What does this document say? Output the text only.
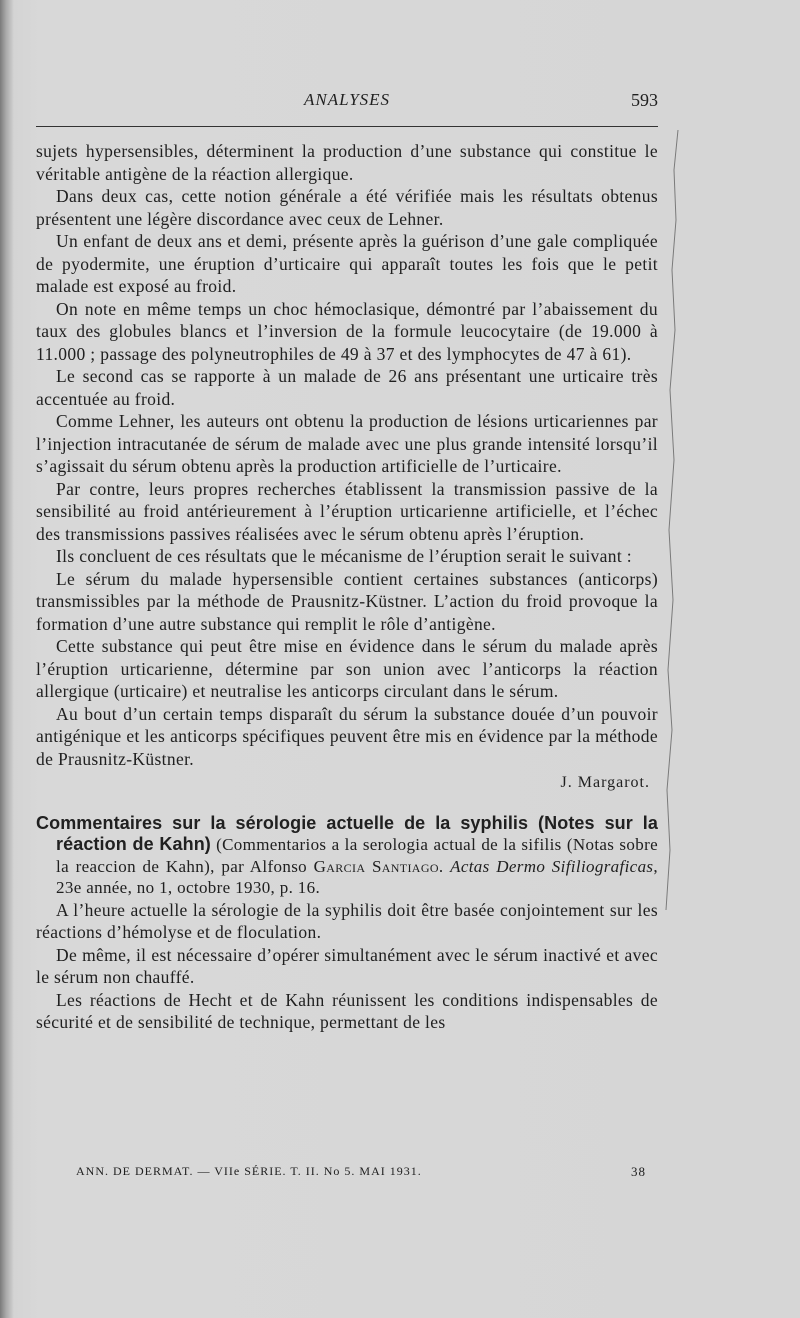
ANALYSES	593

sujets hypersensibles, déterminent la production d’une substance qui constitue le véritable antigène de la réaction allergique.

Dans deux cas, cette notion générale a été vérifiée mais les résultats obtenus présentent une légère discordance avec ceux de Lehner.

Un enfant de deux ans et demi, présente après la guérison d’une gale compliquée de pyodermite, une éruption d’urticaire qui apparaît toutes les fois que le petit malade est exposé au froid.

On note en même temps un choc hémoclasique, démontré par l’abaissement du taux des globules blancs et l’inversion de la formule leucocytaire (de 19.000 à 11.000 ; passage des polyneutrophiles de 49 à 37 et des lymphocytes de 47 à 61).

Le second cas se rapporte à un malade de 26 ans présentant une urticaire très accentuée au froid.

Comme Lehner, les auteurs ont obtenu la production de lésions urticariennes par l’injection intracutanée de sérum de malade avec une plus grande intensité lorsqu’il s’agissait du sérum obtenu après la production artificielle de l’urticaire.

Par contre, leurs propres recherches établissent la transmission passive de la sensibilité au froid antérieurement à l’éruption urticarienne artificielle, et l’échec des transmissions passives réalisées avec le sérum obtenu après l’éruption.

Ils concluent de ces résultats que le mécanisme de l’éruption serait le suivant :

Le sérum du malade hypersensible contient certaines substances (anticorps) transmissibles par la méthode de Prausnitz-Küstner. L’action du froid provoque la formation d’une autre substance qui remplit le rôle d’antigène.

Cette substance qui peut être mise en évidence dans le sérum du malade après l’éruption urticarienne, détermine par son union avec l’anticorps la réaction allergique (urticaire) et neutralise les anticorps circulant dans le sérum.

Au bout d’un certain temps disparaît du sérum la substance douée d’un pouvoir antigénique et les anticorps spécifiques peuvent être mis en évidence par la méthode de Prausnitz-Küstner.

J. Margarot.

Commentaires sur la sérologie actuelle de la syphilis (Notes sur la réaction de Kahn) (Commentarios a la serologia actual de la sifilis (Notas sobre la reaccion de Kahn), par Alfonso Garcia Santiago. Actas Dermo Sifiliograficas, 23e année, no 1, octobre 1930, p. 16.

A l’heure actuelle la sérologie de la syphilis doit être basée conjointement sur les réactions d’hémolyse et de floculation.

De même, il est nécessaire d’opérer simultanément avec le sérum inactivé et avec le sérum non chauffé.

Les réactions de Hecht et de Kahn réunissent les conditions indispensables de sécurité et de sensibilité de technique, permettant de les

ANN. DE DERMAT. — VIIe SÉRIE. T. II. No 5. MAI 1931.	38
